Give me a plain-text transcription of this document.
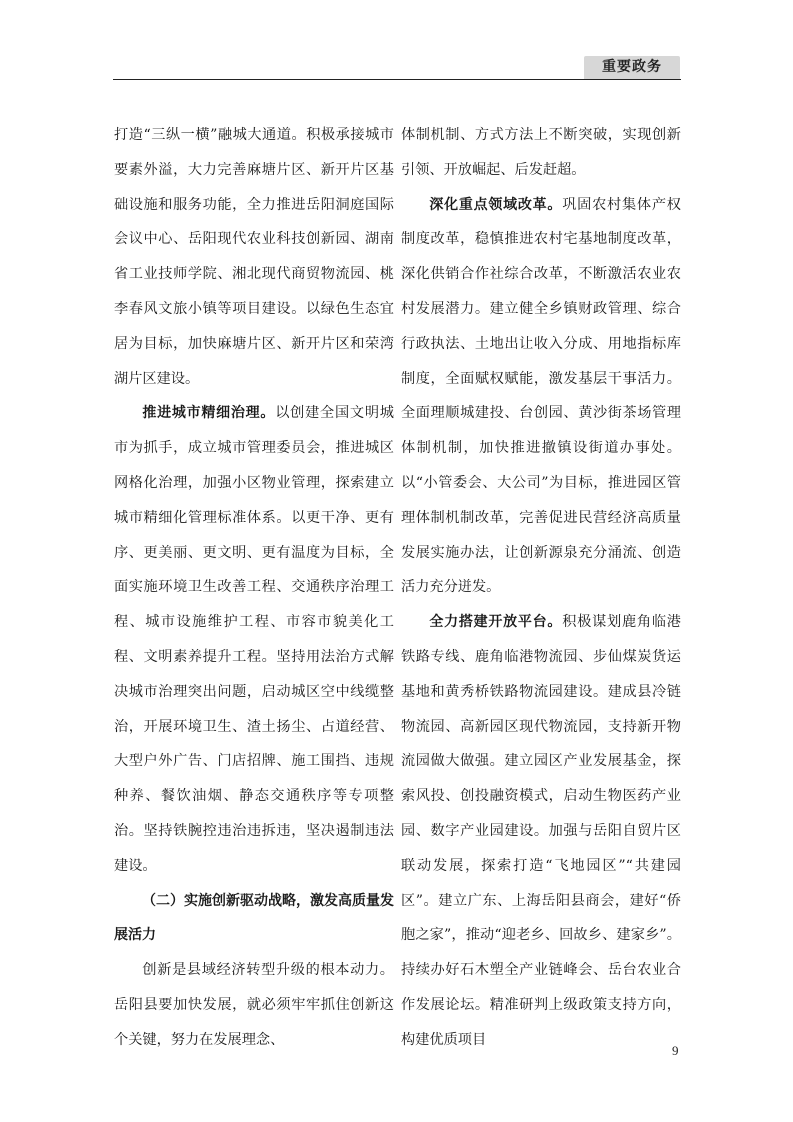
重要政务

打造“三纵一横”融城大通道。积极承接城市要素外溢，大力完善麻塘片区、新开片区基础设施和服务功能，全力推进岳阳洞庭国际会议中心、岳阳现代农业科技创新园、湖南省工业技师学院、湘北现代商贸物流园、桃李春风文旅小镇等项目建设。以绿色生态宜居为目标，加快麻塘片区、新开片区和荣湾湖片区建设。

推进城市精细治理。以创建全国文明城市为抓手，成立城市管理委员会，推进城区网格化治理，加强小区物业管理，探索建立城市精细化管理标准体系。以更干净、更有序、更美丽、更文明、更有温度为目标，全面实施环境卫生改善工程、交通秩序治理工程、城市设施维护工程、市容市貌美化工程、文明素养提升工程。坚持用法治方式解决城市治理突出问题，启动城区空中线缆整治，开展环境卫生、渣土扬尘、占道经营、大型户外广告、门店招牌、施工围挡、违规种养、餐饮油烟、静态交通秩序等专项整治。坚持铁腕控违治违拆违，坚决遏制违法建设。

（二）实施创新驱动战略，激发高质量发展活力

创新是县域经济转型升级的根本动力。岳阳县要加快发展，就必须牢牢抓住创新这个关键，努力在发展理念、

体制机制、方式方法上不断突破，实现创新引领、开放崛起、后发赶超。

深化重点领域改革。巩固农村集体产权制度改革，稳慎推进农村宅基地制度改革，深化供销合作社综合改革，不断激活农业农村发展潜力。建立健全乡镇财政管理、综合行政执法、土地出让收入分成、用地指标库制度，全面赋权赋能，激发基层干事活力。全面理顺城建投、台创园、黄沙街茶场管理体制机制，加快推进撤镇设街道办事处。以“小管委会、大公司”为目标，推进园区管理体制机制改革，完善促进民营经济高质量发展实施办法，让创新源泉充分涌流、创造活力充分迸发。

全力搭建开放平台。积极谋划鹿角临港铁路专线、鹿角临港物流园、步仙煤炭货运基地和黄秀桥铁路物流园建设。建成县冷链物流园、高新园区现代物流园，支持新开物流园做大做强。建立园区产业发展基金，探索风投、创投融资模式，启动生物医药产业园、数字产业园建设。加强与岳阳自贸片区联动发展，探索打造“飞地园区”“共建园区”。建立广东、上海岳阳县商会，建好“侨胞之家”，推动“迎老乡、回故乡、建家乡”。持续办好石木塑全产业链峰会、岳台农业合作发展论坛。精准研判上级政策支持方向，构建优质项目

9
